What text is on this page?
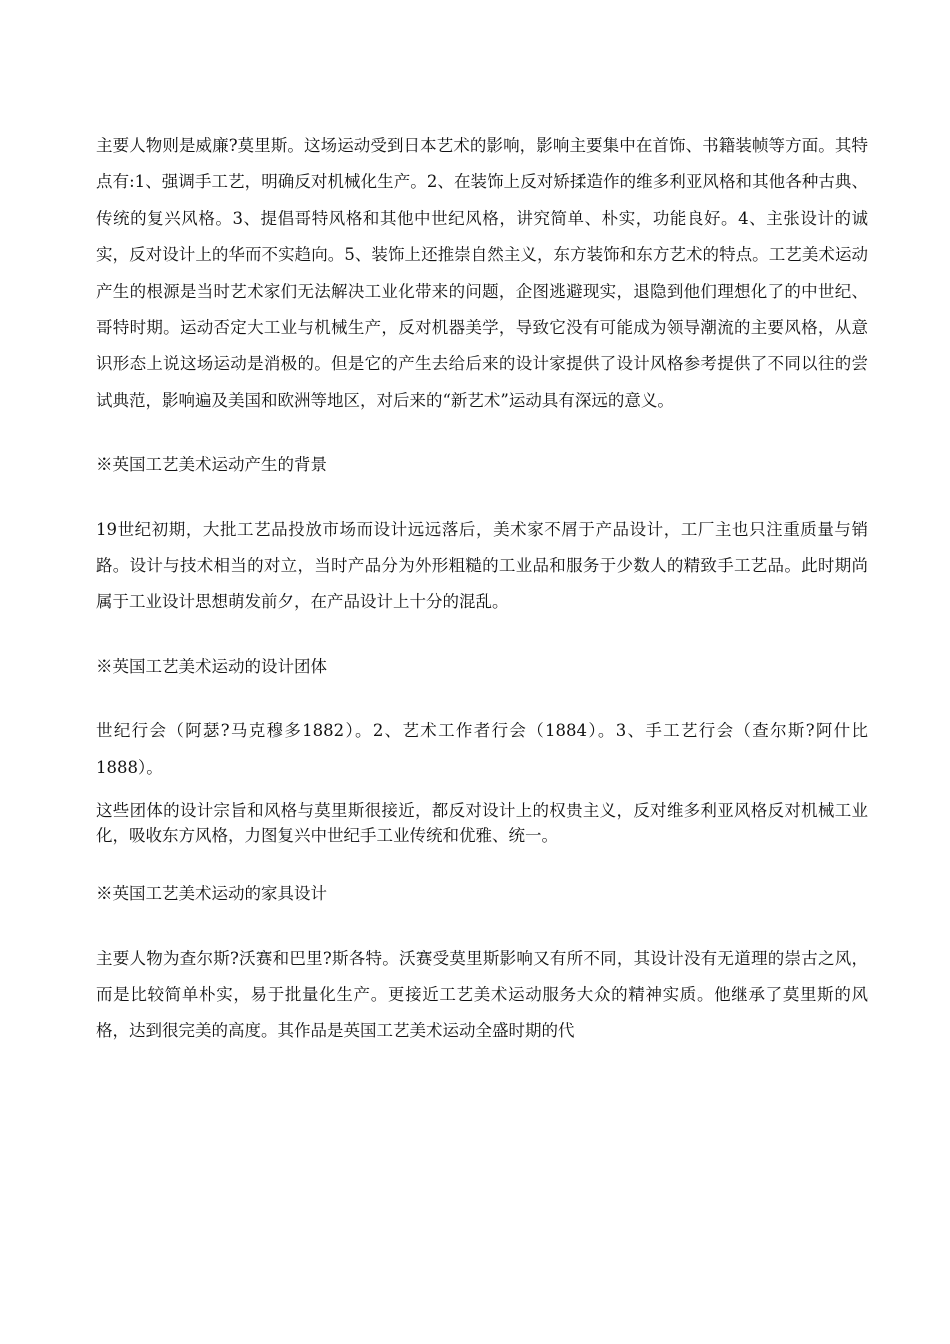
主要人物则是威廉?莫里斯。这场运动受到日本艺术的影响，影响主要集中在首饰、书籍装帧等方面。其特点有:1、强调手工艺，明确反对机械化生产。2、在装饰上反对矫揉造作的维多利亚风格和其他各种古典、传统的复兴风格。3、提倡哥特风格和其他中世纪风格，讲究简单、朴实，功能良好。4、主张设计的诚实，反对设计上的华而不实趋向。5、装饰上还推崇自然主义，东方装饰和东方艺术的特点。工艺美术运动产生的根源是当时艺术家们无法解决工业化带来的问题，企图逃避现实，退隐到他们理想化了的中世纪、哥特时期。运动否定大工业与机械生产，反对机器美学，导致它没有可能成为领导潮流的主要风格，从意识形态上说这场运动是消极的。但是它的产生去给后来的设计家提供了设计风格参考提供了不同以往的尝试典范，影响遍及美国和欧洲等地区，对后来的“新艺术”运动具有深远的意义。

※英国工艺美术运动产生的背景

19世纪初期，大批工艺品投放市场而设计远远落后，美术家不屑于产品设计，工厂主也只注重质量与销路。设计与技术相当的对立，当时产品分为外形粗糙的工业品和服务于少数人的精致手工艺品。此时期尚属于工业设计思想萌发前夕，在产品设计上十分的混乱。

※英国工艺美术运动的设计团体

世纪行会（阿瑟?马克穆多1882）。2、艺术工作者行会（1884）。3、手工艺行会（查尔斯?阿什比1888）。

这些团体的设计宗旨和风格与莫里斯很接近，都反对设计上的权贵主义，反对维多利亚风格反对机械工业化，吸收东方风格，力图复兴中世纪手工业传统和优雅、统一。

※英国工艺美术运动的家具设计

主要人物为查尔斯?沃赛和巴里?斯各特。沃赛受莫里斯影响又有所不同，其设计没有无道理的崇古之风，而是比较简单朴实，易于批量化生产。更接近工艺美术运动服务大众的精神实质。他继承了莫里斯的风格，达到很完美的高度。其作品是英国工艺美术运动全盛时期的代
